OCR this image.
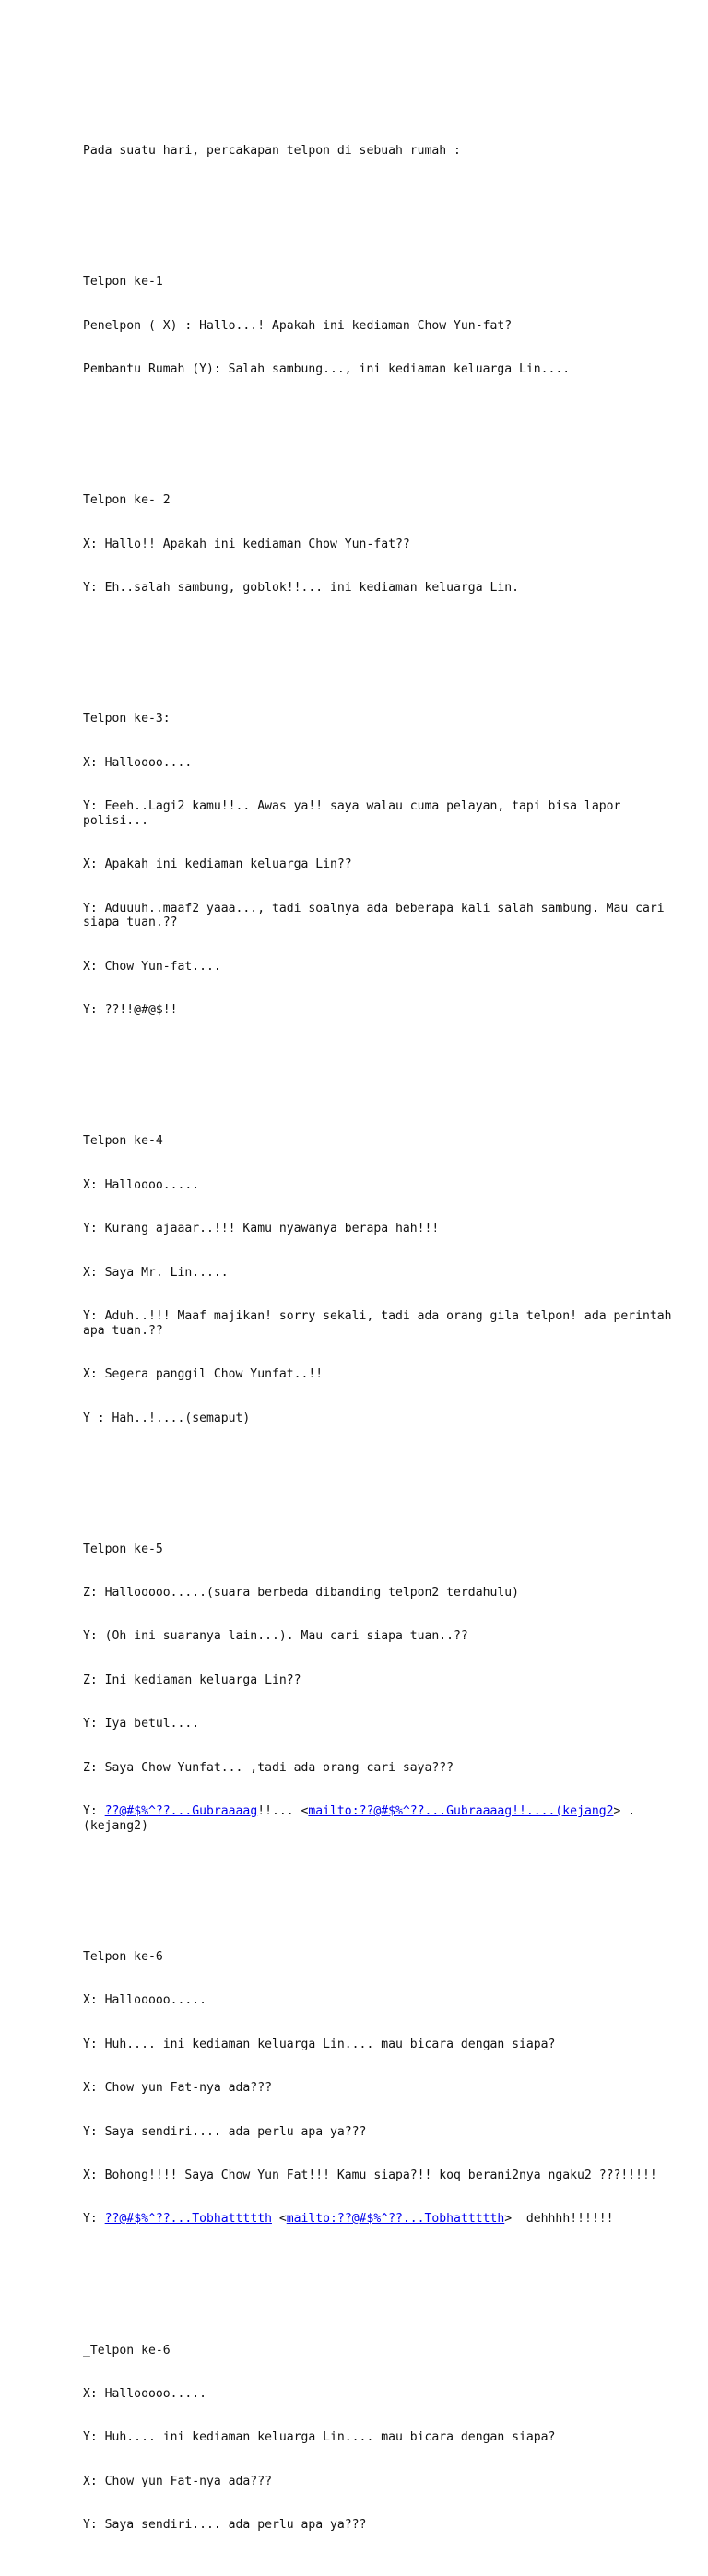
Pada suatu hari, percakapan telpon di sebuah rumah :

Telpon ke-1

Penelpon ( X) : Hallo...! Apakah ini kediaman Chow Yun-fat?

Pembantu Rumah (Y): Salah sambung..., ini kediaman keluarga Lin....

Telpon ke- 2

X: Hallo!! Apakah ini kediaman Chow Yun-fat??

Y: Eh..salah sambung, goblok!!... ini kediaman keluarga Lin.

Telpon ke-3:

X: Halloooo....

Y: Eeeh..Lagi2 kamu!!.. Awas ya!! saya walau cuma pelayan, tapi bisa lapor polisi...

X: Apakah ini kediaman keluarga Lin??

Y: Aduuuh..maaf2 yaaa..., tadi soalnya ada beberapa kali salah sambung. Mau cari siapa tuan.??

X: Chow Yun-fat....

Y: ??!!@#@$!!

Telpon ke-4

X: Halloooo.....

Y: Kurang ajaaar..!!! Kamu nyawanya berapa hah!!!

X: Saya Mr. Lin.....

Y: Aduh..!!! Maaf majikan! sorry sekali, tadi ada orang gila telpon! ada perintah apa tuan.??

X: Segera panggil Chow Yunfat..!!

Y : Hah..!....(semaput)

Telpon ke-5

Z: Hallooooo.....(suara berbeda dibanding telpon2 terdahulu)

Y: (Oh ini suaranya lain...). Mau cari siapa tuan..??

Z: Ini kediaman keluarga Lin??

Y: Iya betul....

Z: Saya Chow Yunfat... ,tadi ada orang cari saya???

Y: ??@#$%^??...Gubraaaag!!... <mailto:??@#$%^??...Gubraaaag!!....(kejang2> .(kejang2)

Telpon ke-6

X: Hallooooo.....

Y: Huh.... ini kediaman keluarga Lin.... mau bicara dengan siapa?

X: Chow yun Fat-nya ada???

Y: Saya sendiri.... ada perlu apa ya???

X: Bohong!!!! Saya Chow Yun Fat!!! Kamu siapa?!! koq berani2nya ngaku2 ???!!!!!

Y: ??@#$%^??...Tobhattttth <mailto:??@#$%^??...Tobhattttth>  dehhhh!!!!!!

_Telpon ke-6

X: Hallooooo.....

Y: Huh.... ini kediaman keluarga Lin.... mau bicara dengan siapa?

X: Chow yun Fat-nya ada???

Y: Saya sendiri.... ada perlu apa ya???
